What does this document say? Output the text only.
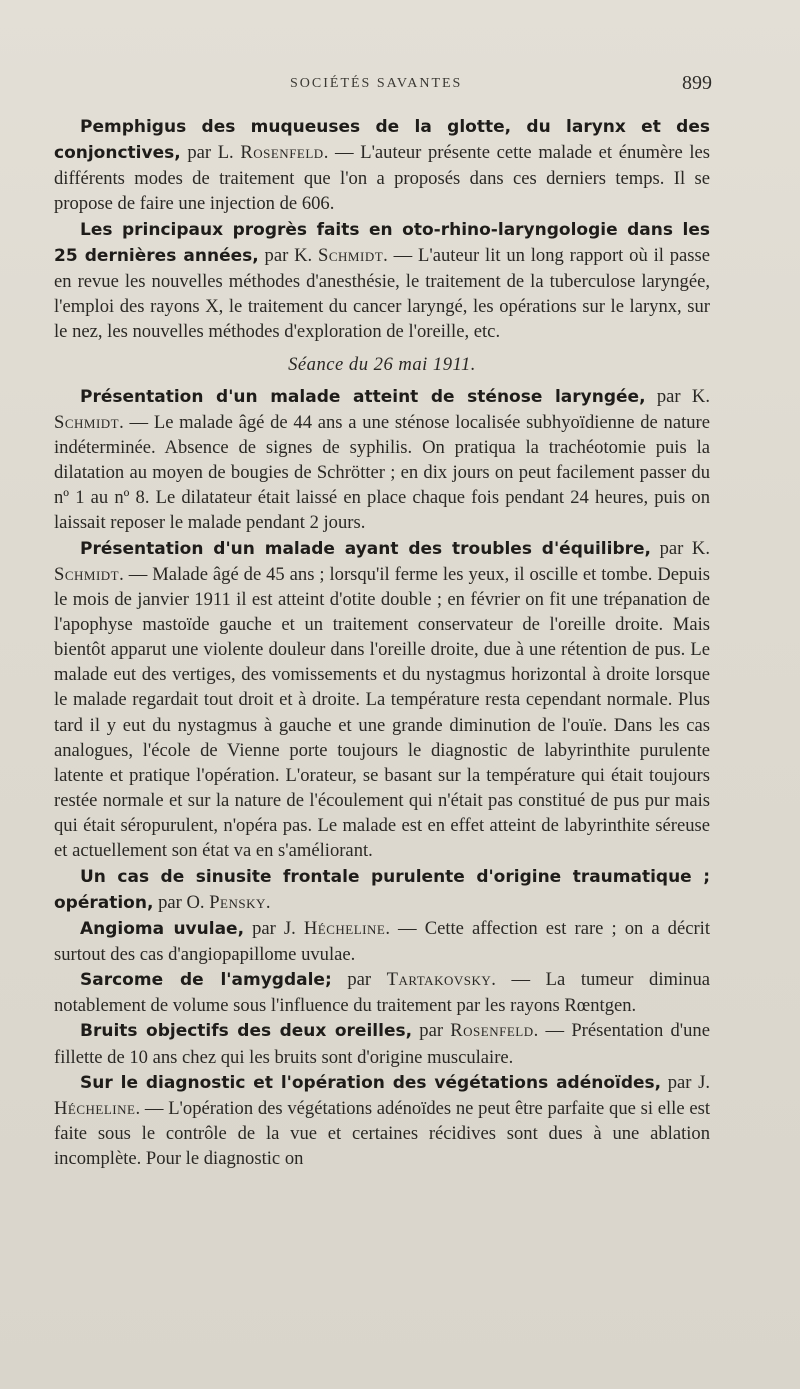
SOCIÉTÉS SAVANTES	899

Pemphigus des muqueuses de la glotte, du larynx et des conjonctives, par L. Rosenfeld. — L'auteur présente cette malade et énumère les différents modes de traitement que l'on a proposés dans ces derniers temps. Il se propose de faire une injection de 606.

Les principaux progrès faits en oto-rhino-laryngologie dans les 25 dernières années, par K. Schmidt. — L'auteur lit un long rapport où il passe en revue les nouvelles méthodes d'anesthésie, le traitement de la tuberculose laryngée, l'emploi des rayons X, le traitement du cancer laryngé, les opérations sur le larynx, sur le nez, les nouvelles méthodes d'exploration de l'oreille, etc.

Séance du 26 mai 1911.

Présentation d'un malade atteint de sténose laryngée, par K. Schmidt. — Le malade âgé de 44 ans a une sténose localisée subhyoïdienne de nature indéterminée. Absence de signes de syphilis. On pratiqua la trachéotomie puis la dilatation au moyen de bougies de Schrötter ; en dix jours on peut facilement passer du nº 1 au nº 8. Le dilatateur était laissé en place chaque fois pendant 24 heures, puis on laissait reposer le malade pendant 2 jours.

Présentation d'un malade ayant des troubles d'équilibre, par K. Schmidt. — Malade âgé de 45 ans ; lorsqu'il ferme les yeux, il oscille et tombe. Depuis le mois de janvier 1911 il est atteint d'otite double ; en février on fit une trépanation de l'apophyse mastoïde gauche et un traitement conservateur de l'oreille droite. Mais bientôt apparut une violente douleur dans l'oreille droite, due à une rétention de pus. Le malade eut des vertiges, des vomissements et du nystagmus horizontal à droite lorsque le malade regardait tout droit et à droite. La température resta cependant normale. Plus tard il y eut du nystagmus à gauche et une grande diminution de l'ouïe. Dans les cas analogues, l'école de Vienne porte toujours le diagnostic de labyrinthite purulente latente et pratique l'opération. L'orateur, se basant sur la température qui était toujours restée normale et sur la nature de l'écoulement qui n'était pas constitué de pus pur mais qui était séropurulent, n'opéra pas. Le malade est en effet atteint de labyrinthite séreuse et actuellement son état va en s'améliorant.

Un cas de sinusite frontale purulente d'origine traumatique ; opération, par O. Pensky.

Angioma uvulae, par J. Hécheline. — Cette affection est rare ; on a décrit surtout des cas d'angiopapillome uvulae.

Sarcome de l'amygdale; par Tartakovsky. — La tumeur diminua notablement de volume sous l'influence du traitement par les rayons Rœntgen.

Bruits objectifs des deux oreilles, par Rosenfeld. — Présentation d'une fillette de 10 ans chez qui les bruits sont d'origine musculaire.

Sur le diagnostic et l'opération des végétations adénoïdes, par J. Hécheline. — L'opération des végétations adénoïdes ne peut être parfaite que si elle est faite sous le contrôle de la vue et certaines récidives sont dues à une ablation incomplète. Pour le diagnostic on
